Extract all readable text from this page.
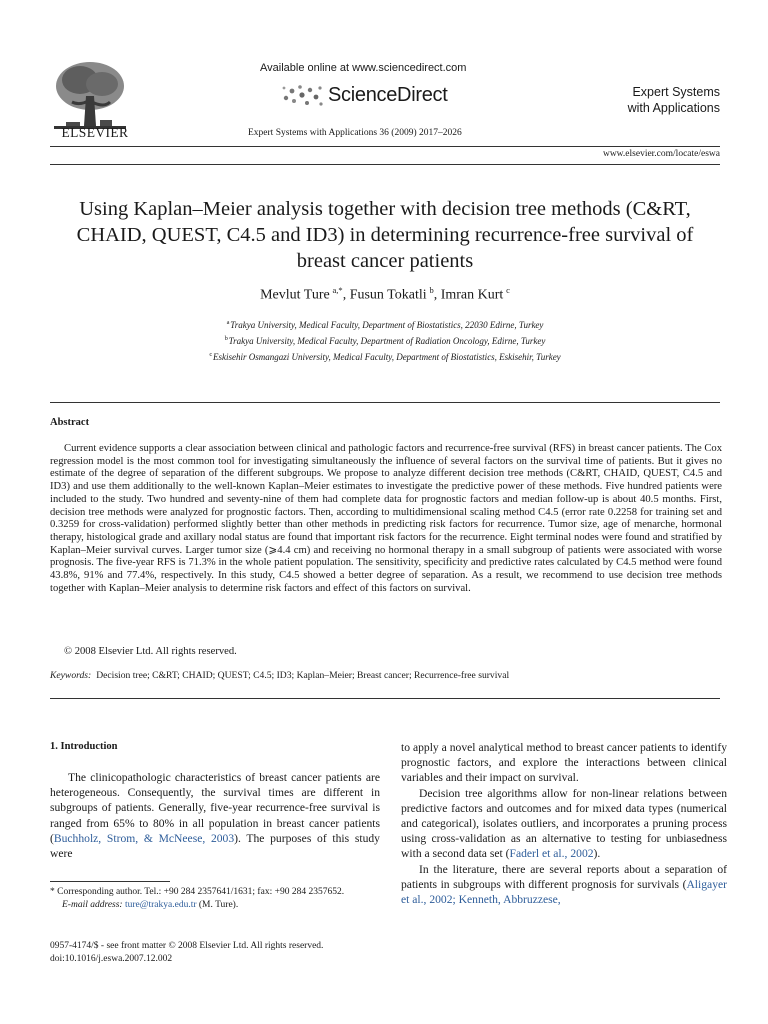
ELSEVIER
Available online at www.sciencedirect.com
ScienceDirect
Expert Systems with Applications 36 (2009) 2017–2026
Expert Systems
with Applications
www.elsevier.com/locate/eswa
Using Kaplan–Meier analysis together with decision tree methods (C&RT, CHAID, QUEST, C4.5 and ID3) in determining recurrence-free survival of breast cancer patients
Mevlut Ture  $^{a,*}$, Fusun Tokatli  $^b$, Imran Kurt  $^c$
$^a$ Trakya University, Medical Faculty, Department of Biostatistics, 22030 Edirne, Turkey
$^b$ Trakya University, Medical Faculty, Department of Radiation Oncology, Edirne, Turkey
$^c$ Eskisehir Osmangazi University, Medical Faculty, Department of Biostatistics, Eskisehir, Turkey
Abstract
Current evidence supports a clear association between clinical and pathologic factors and recurrence-free survival (RFS) in breast cancer patients. The Cox regression model is the most common tool for investigating simultaneously the influence of several factors on the survival time of patients. But it gives no estimate of the degree of separation of the different subgroups. We propose to analyze different decision tree methods (C&RT, CHAID, QUEST, C4.5 and ID3) and use them additionally to the well-known Kaplan–Meier estimates to investigate the predictive power of these methods. Five hundred patients were included to the study. Two hundred and seventy-nine of them had complete data for prognostic factors and median follow-up is about 40.5 months. First, decision tree methods were analyzed for prognostic factors. Then, according to multidimensional scaling method C4.5 (error rate 0.2258 for training set and 0.3259 for cross-validation) performed slightly better than other methods in predicting risk factors for recurrence. Tumor size, age of menarche, hormonal therapy, histological grade and axillary nodal status are found that important risk factors for the recurrence. Eight terminal nodes were found and stratified by Kaplan–Meier survival curves. Larger tumor size (⩾4.4 cm) and receiving no hormonal therapy in a small subgroup of patients were associated with worse prognosis. The five-year RFS is 71.3% in the whole patient population. The sensitivity, specificity and predictive rates calculated by C4.5 method were found 43.8%, 91% and 77.4%, respectively. In this study, C4.5 showed a better degree of separation. As a result, we recommend to use decision tree methods together with Kaplan–Meier analysis to determine risk factors and effect of this factors on survival.
© 2008 Elsevier Ltd. All rights reserved.
Keywords: Decision tree; C&RT; CHAID; QUEST; C4.5; ID3; Kaplan–Meier; Breast cancer; Recurrence-free survival
1. Introduction
The clinicopathologic characteristics of breast cancer patients are heterogeneous. Consequently, the survival times are different in subgroups of patients. Generally, five-year recurrence-free survival is ranged from 65% to 80% in all population in breast cancer patients (Buchholz, Strom, & McNeese, 2003). The purposes of this study were

to apply a novel analytical method to breast cancer patients to identify prognostic factors, and explore the interactions between clinical variables and their impact on survival.

Decision tree algorithms allow for non-linear relations between predictive factors and outcomes and for mixed data types (numerical and categorical), isolates outliers, and incorporates a pruning process using cross-validation as an alternative to testing for unbiasedness with a second data set (Faderl et al., 2002).

In the literature, there are several reports about a separation of patients in subgroups with different prognosis for survivals (Aligayer et al., 2002; Kenneth, Abbruzzese,

* Corresponding author. Tel.: +90 284 2357641/1631; fax: +90 284 2357652.
E-mail address: ture@trakya.edu.tr (M. Ture).
0957-4174/$ - see front matter © 2008 Elsevier Ltd. All rights reserved.
doi:10.1016/j.eswa.2007.12.002
